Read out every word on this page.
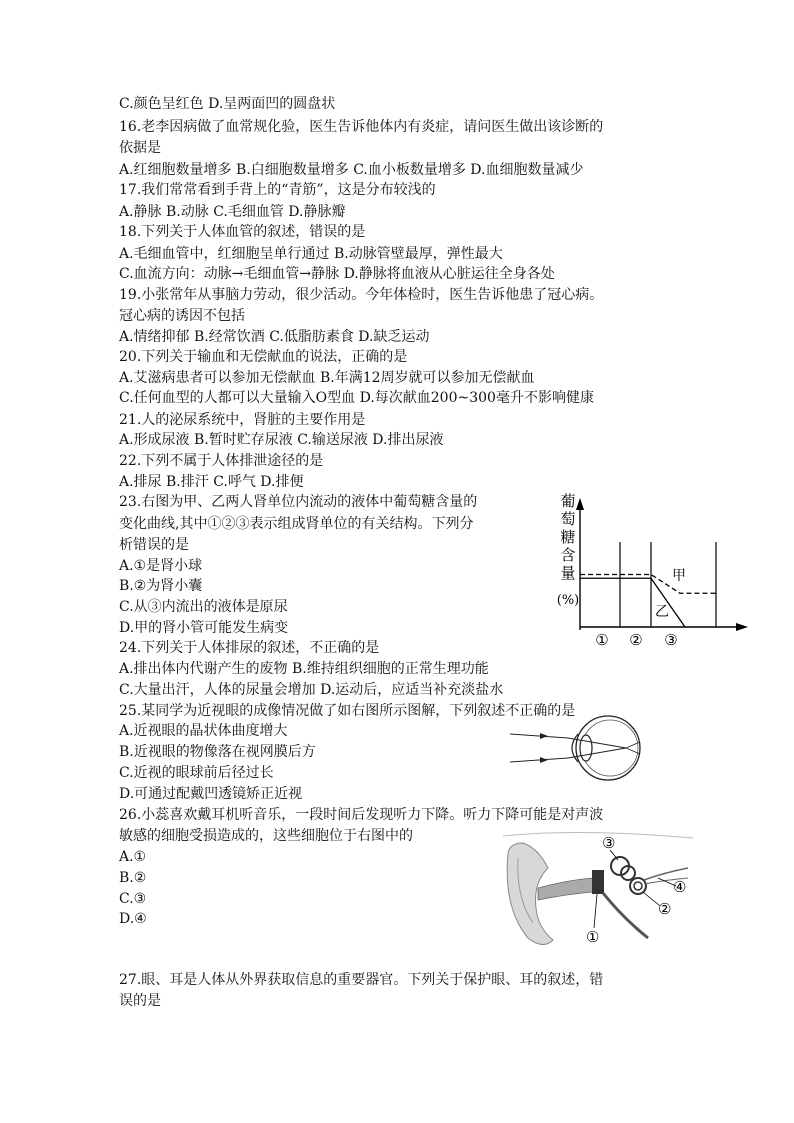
C.颜色呈红色 D.呈两面凹的圆盘状
16.老李因病做了血常规化验，医生告诉他体内有炎症，请问医生做出该诊断的
依据是
A.红细胞数量增多 B.白细胞数量增多 C.血小板数量增多 D.血细胞数量减少
17.我们常常看到手背上的“青筋”，这是分布较浅的
A.静脉 B.动脉 C.毛细血管 D.静脉瓣
18.下列关于人体血管的叙述，错误的是
A.毛细血管中，红细胞呈单行通过 B.动脉管壁最厚，弹性最大
C.血流方向：动脉→毛细血管→静脉 D.静脉将血液从心脏运往全身各处
19.小张常年从事脑力劳动，很少活动。今年体检时，医生告诉他患了冠心病。
冠心病的诱因不包括
A.情绪抑郁 B.经常饮酒 C.低脂肪素食 D.缺乏运动
20.下列关于输血和无偿献血的说法，正确的是
A.艾滋病患者可以参加无偿献血 B.年满12周岁就可以参加无偿献血
C.任何血型的人都可以大量输入O型血 D.每次献血200~300毫升不影响健康
21.人的泌尿系统中，肾脏的主要作用是
A.形成尿液 B.暂时贮存尿液 C.输送尿液 D.排出尿液
22.下列不属于人体排泄途径的是
A.排尿 B.排汗 C.呼气 D.排便
23.右图为甲、乙两人肾单位内流动的液体中葡萄糖含量的
变化曲线,其中①②③表示组成肾单位的有关结构。下列分
析错误的是
A.①是肾小球
B.②为肾小囊
C.从③内流出的液体是原尿
D.甲的肾小管可能发生病变
24.下列关于人体排尿的叙述，不正确的是
A.排出体内代谢产生的废物 B.维持组织细胞的正常生理功能
C.大量出汗，人体的尿量会增加 D.运动后，应适当补充淡盐水
25.某同学为近视眼的成像情况做了如右图所示图解，下列叙述不正确的是
A.近视眼的晶状体曲度增大
B.近视眼的物像落在视网膜后方
C.近视的眼球前后径过长
D.可通过配戴凹透镜矫正近视
26.小蕊喜欢戴耳机听音乐，一段时间后发现听力下降。听力下降可能是对声波
敏感的细胞受损造成的，这些细胞位于右图中的
A.①
B.②
C.③
D.④
27.眼、耳是人体从外界获取信息的重要器官。下列关于保护眼、耳的叙述，错
误的是
葡萄糖含量(%)
① ② ③
甲
乙
③
④
②
①
